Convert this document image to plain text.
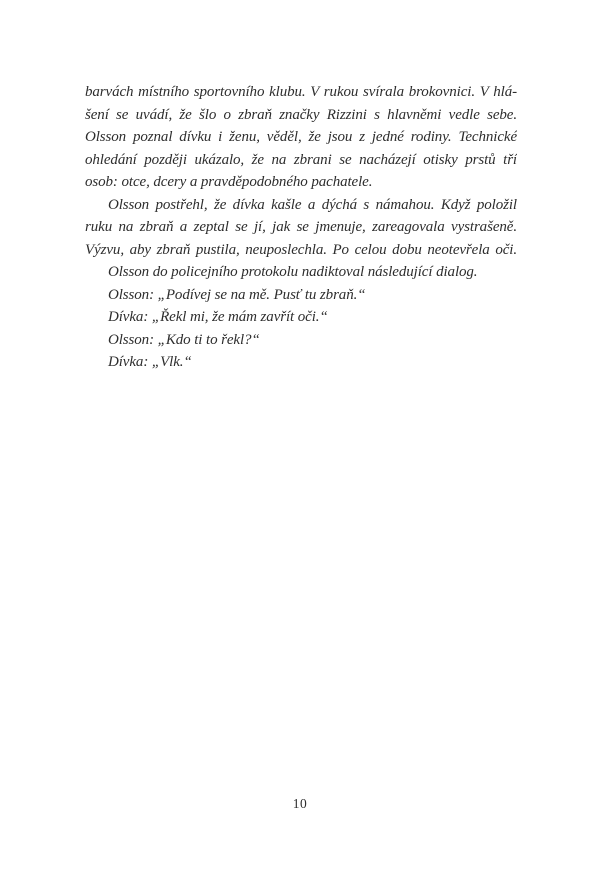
barvách místního sportovního klubu. V rukou svírala brokovnici. V hlá-
šení se uvádí, že šlo o zbraň značky Rizzini s hlavněmi vedle sebe.
Olsson poznal dívku i ženu, věděl, že jsou z jedné rodiny. Technické
ohledání později ukázalo, že na zbrani se nacházejí otisky prstů tří
osob: otce, dcery a pravděpodobného pachatele.

Olsson postřehl, že dívka kašle a dýchá s námahou. Když položil
ruku na zbraň a zeptal se jí, jak se jmenuje, zareagovala vystrašeně.
Výzvu, aby zbraň pustila, neuposlechla. Po celou dobu neotevřela oči.

Olsson do policejního protokolu nadiktoval následující dialog.

Olsson: „Podívej se na mě. Pusť tu zbraň.“
Dívka: „Řekl mi, že mám zavřít oči.“
Olsson: „Kdo ti to řekl?“
Dívka: „Vlk.“

10
